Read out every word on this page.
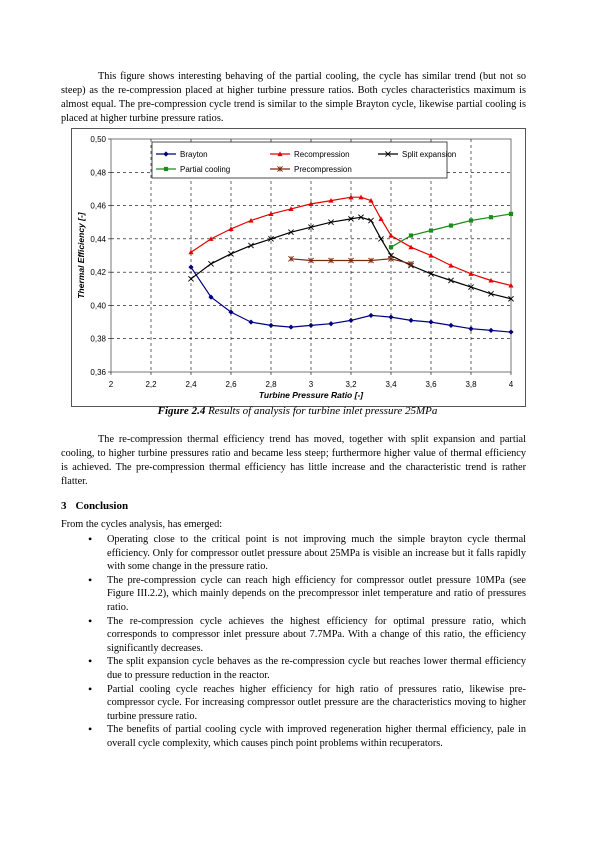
This figure shows interesting behaving of the partial cooling, the cycle has similar trend (but not so steep) as the re-compression placed at higher turbine pressure ratios. Both cycles characteristics maximum is almost equal. The pre-compression cycle trend is similar to the simple Brayton cycle, likewise partial cooling is placed at higher turbine pressure ratios.

2	2,2	2,4	2,6	2,8	3	3,2	3,4	3,6	3,8	4
0,36
0,38
0,40
0,42
0,44
0,46
0,48
0,50
Turbine Pressure Ratio [-]
Thermal Efficiency [-]
Brayton	Recompression	Split expansion
Partial cooling	Precompression
Figure 2.4 Results of analysis for turbine inlet pressure 25MPa

The re-compression thermal efficiency trend has moved, together with split expansion and partial cooling, to higher turbine pressures ratio and became less steep; furthermore higher value of thermal efficiency is achieved. The pre-compression thermal efficiency has little increase and the characteristic trend is rather flatter.

3 Conclusion
From the cycles analysis, has emerged:
• Operating close to the critical point is not improving much the simple brayton cycle thermal efficiency. Only for compressor outlet pressure about 25MPa is visible an increase but it falls rapidly with some change in the pressure ratio.
• The pre-compression cycle can reach high efficiency for compressor outlet pressure 10MPa (see Figure III.2.2), which mainly depends on the precompressor inlet temperature and ratio of pressures ratio.
• The re-compression cycle achieves the highest efficiency for optimal pressure ratio, which corresponds to compressor inlet pressure about 7.7MPa. With a change of this ratio, the efficiency significantly decreases.
• The split expansion cycle behaves as the re-compression cycle but reaches lower thermal efficiency due to pressure reduction in the reactor.
• Partial cooling cycle reaches higher efficiency for high ratio of pressures ratio, likewise pre-compressor cycle. For increasing compressor outlet pressure are the characteristics moving to higher turbine pressure ratio.
• The benefits of partial cooling cycle with improved regeneration higher thermal efficiency, pale in overall cycle complexity, which causes pinch point problems within recuperators.
